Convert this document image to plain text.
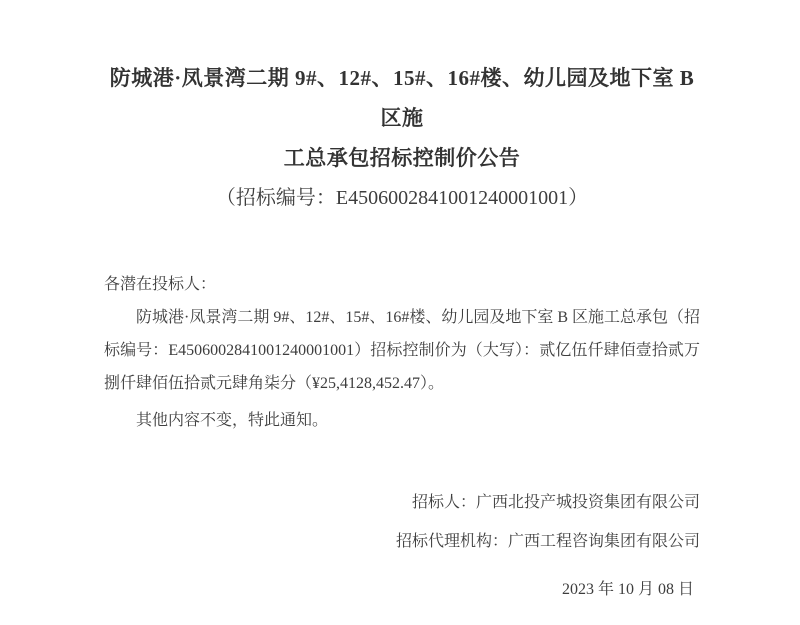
防城港·凤景湾二期 9#、12#、15#、16#楼、幼儿园及地下室 B 区施
工总承包招标控制价公告
（招标编号：E4506002841001240001001）

各潜在投标人：

防城港·凤景湾二期 9#、12#、15#、16#楼、幼儿园及地下室 B 区施工总承包（招标编号：E4506002841001240001001）招标控制价为（大写）：贰亿伍仟肆佰壹拾贰万捌仟肆佰伍拾贰元肆角柒分（¥25,4128,452.47）。

其他内容不变，特此通知。

招标人：广西北投产城投资集团有限公司
招标代理机构：广西工程咨询集团有限公司
2023 年 10 月 08 日
